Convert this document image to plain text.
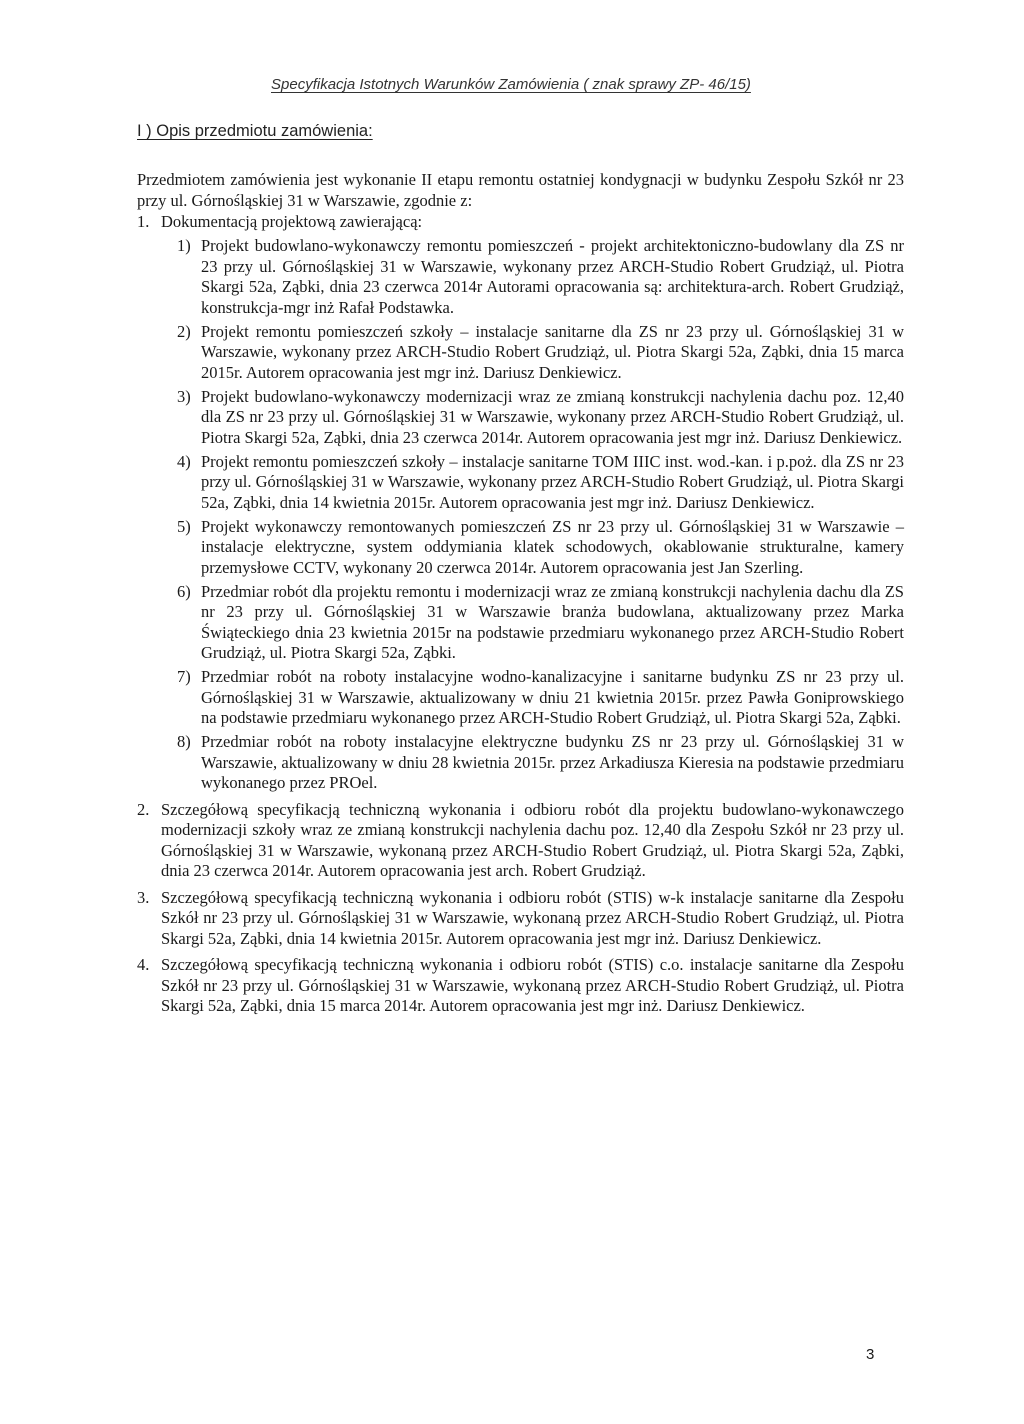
Specyfikacja Istotnych Warunków Zamówienia ( znak sprawy ZP- 46/15)
I ) Opis przedmiotu zamówienia:

Przedmiotem zamówienia jest wykonanie II etapu remontu ostatniej kondygnacji w budynku Zespołu Szkół nr 23 przy ul. Górnośląskiej 31 w Warszawie, zgodnie z:

1. Dokumentacją projektową zawierającą:
1) Projekt budowlano-wykonawczy remontu pomieszczeń - projekt architektoniczno-budowlany dla ZS nr 23 przy ul. Górnośląskiej 31 w Warszawie, wykonany przez ARCH-Studio Robert Grudziąż, ul. Piotra Skargi 52a, Ząbki, dnia 23 czerwca 2014r Autorami opracowania są: architektura-arch. Robert Grudziąż, konstrukcja-mgr inż Rafał Podstawka.
2) Projekt remontu pomieszczeń szkoły – instalacje sanitarne dla ZS nr 23 przy ul. Górnośląskiej 31 w Warszawie, wykonany przez ARCH-Studio Robert Grudziąż, ul. Piotra Skargi 52a, Ząbki, dnia 15 marca 2015r. Autorem opracowania jest mgr inż. Dariusz Denkiewicz.
3) Projekt budowlano-wykonawczy modernizacji wraz ze zmianą konstrukcji nachylenia dachu poz. 12,40 dla ZS nr 23 przy ul. Górnośląskiej 31 w Warszawie, wykonany przez ARCH-Studio Robert Grudziąż, ul. Piotra Skargi 52a, Ząbki, dnia 23 czerwca 2014r. Autorem opracowania jest mgr inż. Dariusz Denkiewicz.
4) Projekt remontu pomieszczeń szkoły – instalacje sanitarne TOM IIIC inst. wod.-kan. i p.poż. dla ZS nr 23 przy ul. Górnośląskiej 31 w Warszawie, wykonany przez ARCH-Studio Robert Grudziąż, ul. Piotra Skargi 52a, Ząbki, dnia 14 kwietnia 2015r. Autorem opracowania jest mgr inż. Dariusz Denkiewicz.
5) Projekt wykonawczy remontowanych pomieszczeń ZS nr 23 przy ul. Górnośląskiej 31 w Warszawie – instalacje elektryczne, system oddymiania klatek schodowych, okablowanie strukturalne, kamery przemysłowe CCTV, wykonany 20 czerwca 2014r. Autorem opracowania jest Jan Szerling.
6) Przedmiar robót dla projektu remontu i modernizacji wraz ze zmianą konstrukcji nachylenia dachu dla ZS nr 23 przy ul. Górnośląskiej 31 w Warszawie branża budowlana, aktualizowany przez Marka Świąteckiego dnia 23 kwietnia 2015r na podstawie przedmiaru wykonanego przez ARCH-Studio Robert Grudziąż, ul. Piotra Skargi 52a, Ząbki.
7) Przedmiar robót na roboty instalacyjne wodno-kanalizacyjne i sanitarne budynku ZS nr 23 przy ul. Górnośląskiej 31 w Warszawie, aktualizowany w dniu 21 kwietnia 2015r. przez Pawła Goniprowskiego na podstawie przedmiaru wykonanego przez ARCH-Studio Robert Grudziąż, ul. Piotra Skargi 52a, Ząbki.
8) Przedmiar robót na roboty instalacyjne elektryczne budynku ZS nr 23 przy ul. Górnośląskiej 31 w Warszawie, aktualizowany w dniu 28 kwietnia 2015r. przez Arkadiusza Kieresia na podstawie przedmiaru wykonanego przez PROel.
2. Szczegółową specyfikacją techniczną wykonania i odbioru robót dla projektu budowlano-wykonawczego modernizacji szkoły wraz ze zmianą konstrukcji nachylenia dachu poz. 12,40 dla Zespołu Szkół nr 23 przy ul. Górnośląskiej 31 w Warszawie, wykonaną przez ARCH-Studio Robert Grudziąż, ul. Piotra Skargi 52a, Ząbki, dnia 23 czerwca 2014r. Autorem opracowania jest arch. Robert Grudziąż.
3. Szczegółową specyfikacją techniczną wykonania i odbioru robót (STIS) w-k instalacje sanitarne dla Zespołu Szkół nr 23 przy ul. Górnośląskiej 31 w Warszawie, wykonaną przez ARCH-Studio Robert Grudziąż, ul. Piotra Skargi 52a, Ząbki, dnia 14 kwietnia 2015r. Autorem opracowania jest mgr inż. Dariusz Denkiewicz.
4. Szczegółową specyfikacją techniczną wykonania i odbioru robót (STIS) c.o. instalacje sanitarne dla Zespołu Szkół nr 23 przy ul. Górnośląskiej 31 w Warszawie, wykonaną przez ARCH-Studio Robert Grudziąż, ul. Piotra Skargi 52a, Ząbki, dnia 15 marca 2014r. Autorem opracowania jest mgr inż. Dariusz Denkiewicz.
3
